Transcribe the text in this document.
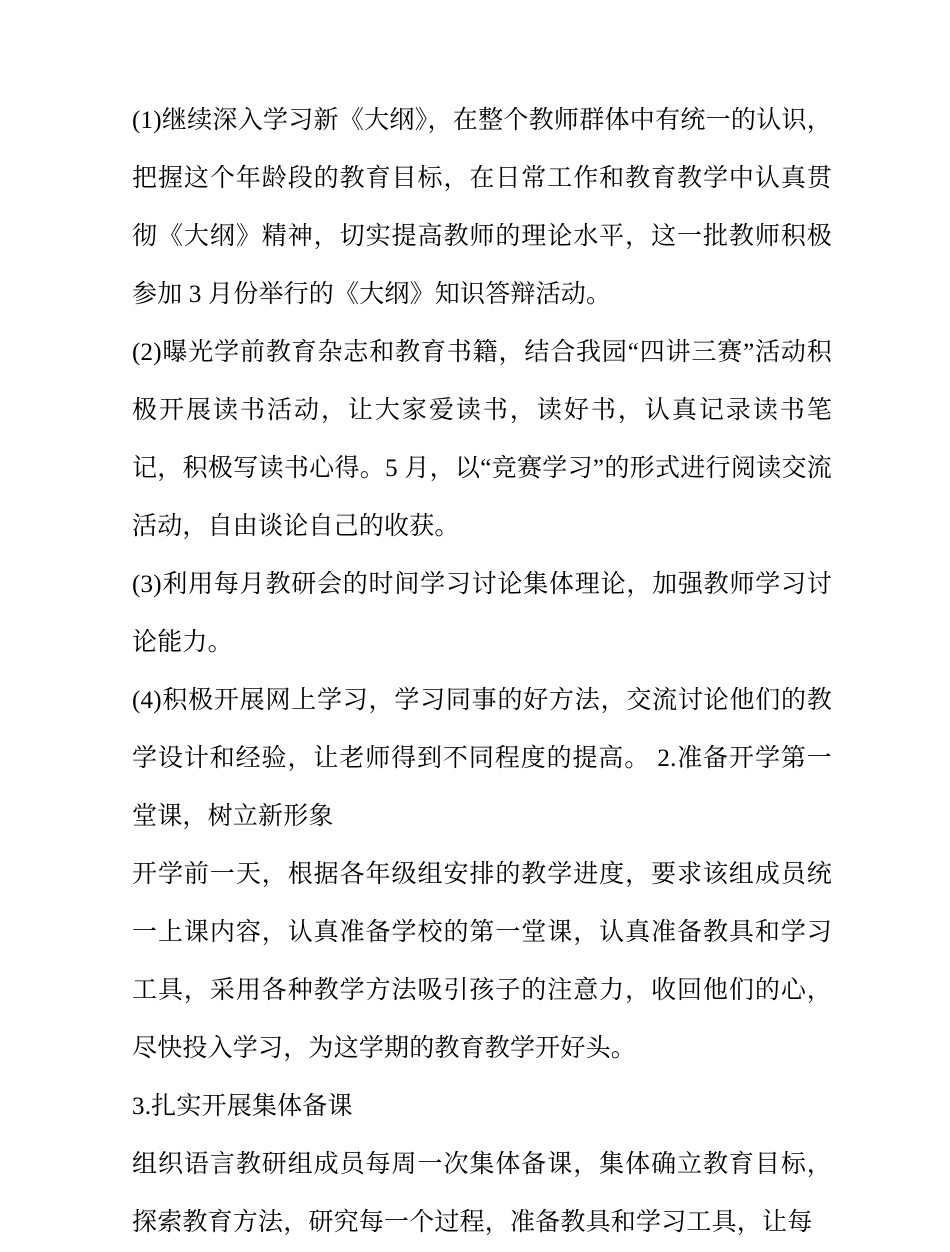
(1)继续深入学习新《大纲》，在整个教师群体中有统一的认识，把握这个年龄段的教育目标，在日常工作和教育教学中认真贯彻《大纲》精神，切实提高教师的理论水平，这一批教师积极参加 3 月份举行的《大纲》知识答辩活动。

(2)曝光学前教育杂志和教育书籍，结合我园“四讲三赛”活动积极开展读书活动，让大家爱读书，读好书，认真记录读书笔记，积极写读书心得。5 月，以“竞赛学习”的形式进行阅读交流活动，自由谈论自己的收获。

(3)利用每月教研会的时间学习讨论集体理论，加强教师学习讨论能力。

(4)积极开展网上学习，学习同事的好方法，交流讨论他们的教学设计和经验，让老师得到不同程度的提高。 2.准备开学第一堂课，树立新形象

开学前一天，根据各年级组安排的教学进度，要求该组成员统一上课内容，认真准备学校的第一堂课，认真准备教具和学习工具，采用各种教学方法吸引孩子的注意力，收回他们的心，尽快投入学习，为这学期的教育教学开好头。

3.扎实开展集体备课

组织语言教研组成员每周一次集体备课，集体确立教育目标，探索教育方法，研究每一个过程，准备教具和学习工具，让每
